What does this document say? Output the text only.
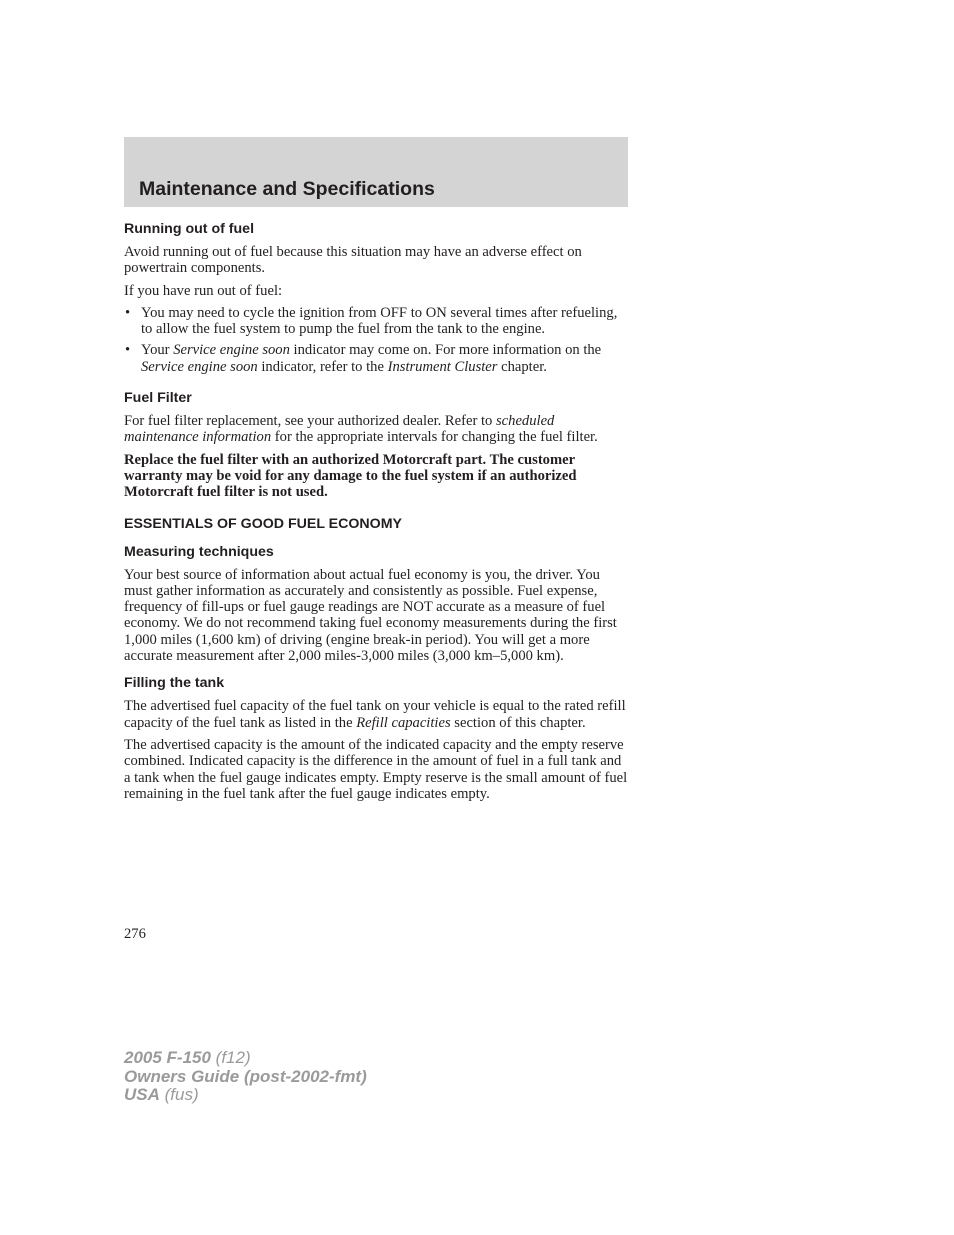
Maintenance and Specifications
Running out of fuel

Avoid running out of fuel because this situation may have an adverse effect on powertrain components.

If you have run out of fuel:

• You may need to cycle the ignition from OFF to ON several times after refueling, to allow the fuel system to pump the fuel from the tank to the engine.
• Your Service engine soon indicator may come on. For more information on the Service engine soon indicator, refer to the Instrument Cluster chapter.
Fuel Filter

For fuel filter replacement, see your authorized dealer. Refer to scheduled maintenance information for the appropriate intervals for changing the fuel filter.

Replace the fuel filter with an authorized Motorcraft part. The customer warranty may be void for any damage to the fuel system if an authorized Motorcraft fuel filter is not used.

ESSENTIALS OF GOOD FUEL ECONOMY
Measuring techniques

Your best source of information about actual fuel economy is you, the driver. You must gather information as accurately and consistently as possible. Fuel expense, frequency of fill-ups or fuel gauge readings are NOT accurate as a measure of fuel economy. We do not recommend taking fuel economy measurements during the first 1,000 miles (1,600 km) of driving (engine break-in period). You will get a more accurate measurement after 2,000 miles-3,000 miles (3,000 km–5,000 km).

Filling the tank

The advertised fuel capacity of the fuel tank on your vehicle is equal to the rated refill capacity of the fuel tank as listed in the Refill capacities section of this chapter.

The advertised capacity is the amount of the indicated capacity and the empty reserve combined. Indicated capacity is the difference in the amount of fuel in a full tank and a tank when the fuel gauge indicates empty. Empty reserve is the small amount of fuel remaining in the fuel tank after the fuel gauge indicates empty.

276
2005 F-150 (f12)
Owners Guide (post-2002-fmt)
USA (fus)
